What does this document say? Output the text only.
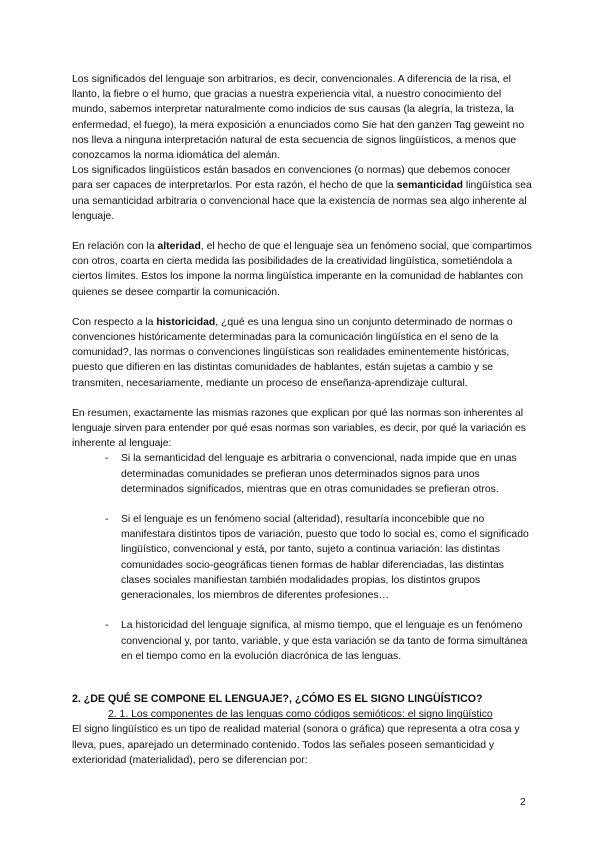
Los significados del lenguaje son arbitrarios, es decir, convencionales. A diferencia de la risa, el llanto, la fiebre o el humo, que gracias a nuestra experiencia vital, a nuestro conocimiento del mundo, sabemos interpretar naturalmente como indicios de sus causas (la alegría, la tristeza, la enfermedad, el fuego), la mera exposición a enunciados como Sie hat den ganzen Tag geweint no nos lleva a ninguna interpretación natural de esta secuencia de signos lingüísticos, a menos que conozcamos la norma idiomática del alemán.

Los significados lingüísticos están basados en convenciones (o normas) que debemos conocer para ser capaces de interpretarlos. Por esta razón, el hecho de que la semanticidad lingüística sea una semanticidad arbitraria o convencional hace que la existencia de normas sea algo inherente al lenguaje.

En relación con la alteridad, el hecho de que el lenguaje sea un fenómeno social, que compartimos con otros, coarta en cierta medida las posibilidades de la creatividad lingüística, sometiéndola a ciertos límites. Estos los impone la norma lingüística imperante en la comunidad de hablantes con quienes se desee compartir la comunicación.

Con respecto a la historicidad, ¿qué es una lengua sino un conjunto determinado de normas o convenciones históricamente determinadas para la comunicación lingüística en el seno de la comunidad?, las normas o convenciones lingüísticas son realidades eminentemente históricas, puesto que difieren en las distintas comunidades de hablantes, están sujetas a cambio y se transmiten, necesariamente, mediante un proceso de enseñanza-aprendizaje cultural.

En resumen, exactamente las mismas razones que explican por qué las normas son inherentes al lenguaje sirven para entender por qué esas normas son variables, es decir, por qué la variación es inherente al lenguaje:

- Si la semanticidad del lenguaje es arbitraria o convencional, nada impide que en unas determinadas comunidades se prefieran unos determinados signos para unos determinados significados, mientras que en otras comunidades se prefieran otros.
- Si el lenguaje es un fenómeno social (alteridad), resultaría inconcebible que no manifestara distintos tipos de variación, puesto que todo lo social es, como el significado lingüístico, convencional y está, por tanto, sujeto a continua variación: las distintas comunidades socio-geográficas tienen formas de hablar diferenciadas, las distintas clases sociales manifiestan también modalidades propias, los distintos grupos generacionales, los miembros de diferentes profesiones…
- La historicidad del lenguaje significa, al mismo tiempo, que el lenguaje es un fenómeno convencional y, por tanto, variable, y que esta variación se da tanto de forma simultánea en el tiempo como en la evolución diacrónica de las lenguas.
2. ¿DE QUÉ SE COMPONE EL LENGUAJE?, ¿CÓMO ES EL SIGNO LINGÜÍSTICO?

2. 1. Los componentes de las lenguas como códigos semióticos: el signo lingüístico

El signo lingüístico es un tipo de realidad material (sonora o gráfica) que representa a otra cosa y lleva, pues, aparejado un determinado contenido. Todos las señales poseen semanticidad y exterioridad (materialidad), pero se diferencian por:

2
